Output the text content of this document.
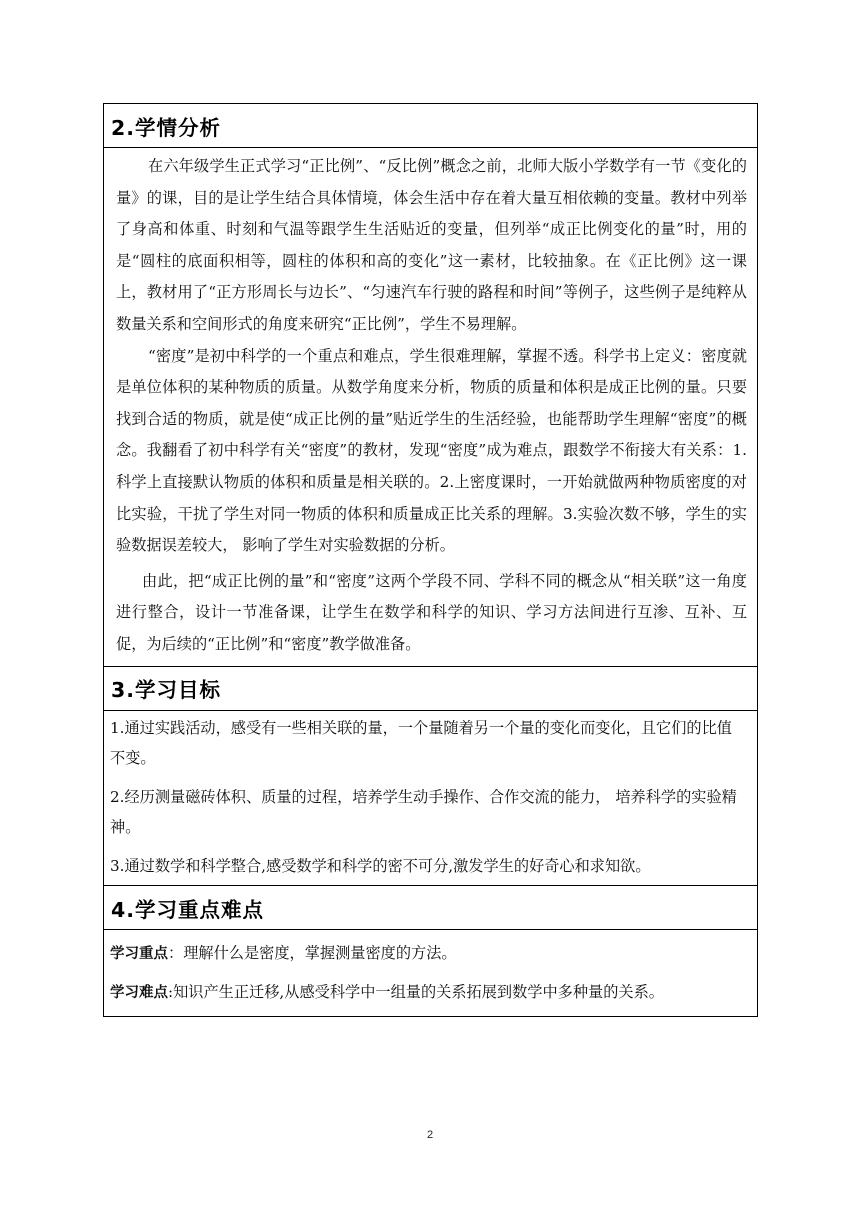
2.学情分析

在六年级学生正式学习“正比例”、“反比例”概念之前，北师大版小学数学有一节《变化的量》的课，目的是让学生结合具体情境，体会生活中存在着大量互相依赖的变量。教材中列举了身高和体重、时刻和气温等跟学生生活贴近的变量，但列举“成正比例变化的量”时，用的是“圆柱的底面积相等，圆柱的体积和高的变化”这一素材，比较抽象。在《正比例》这一课上，教材用了“正方形周长与边长”、“匀速汽车行驶的路程和时间”等例子，这些例子是纯粹从数量关系和空间形式的角度来研究“正比例”，学生不易理解。

“密度”是初中科学的一个重点和难点，学生很难理解，掌握不透。科学书上定义：密度就是单位体积的某种物质的质量。从数学角度来分析，物质的质量和体积是成正比例的量。只要找到合适的物质，就是使“成正比例的量”贴近学生的生活经验，也能帮助学生理解“密度”的概念。我翻看了初中科学有关“密度”的教材，发现“密度”成为难点，跟数学不衔接大有关系：1.科学上直接默认物质的体积和质量是相关联的。2.上密度课时，一开始就做两种物质密度的对比实验，干扰了学生对同一物质的体积和质量成正比关系的理解。3.实验次数不够，学生的实验数据误差较大， 影响了学生对实验数据的分析。

由此，把“成正比例的量”和“密度”这两个学段不同、学科不同的概念从“相关联”这一角度进行整合，设计一节准备课，让学生在数学和科学的知识、学习方法间进行互渗、互补、互促，为后续的“正比例”和“密度”教学做准备。

3.学习目标

1.通过实践活动，感受有一些相关联的量，一个量随着另一个量的变化而变化，且它们的比值不变。

2.经历测量磁砖体积、质量的过程，培养学生动手操作、合作交流的能力， 培养科学的实验精神。

3.通过数学和科学整合,感受数学和科学的密不可分,激发学生的好奇心和求知欲。

4.学习重点难点

学习重点：理解什么是密度，掌握测量密度的方法。

学习难点:知识产生正迁移,从感受科学中一组量的关系拓展到数学中多种量的关系。

2
